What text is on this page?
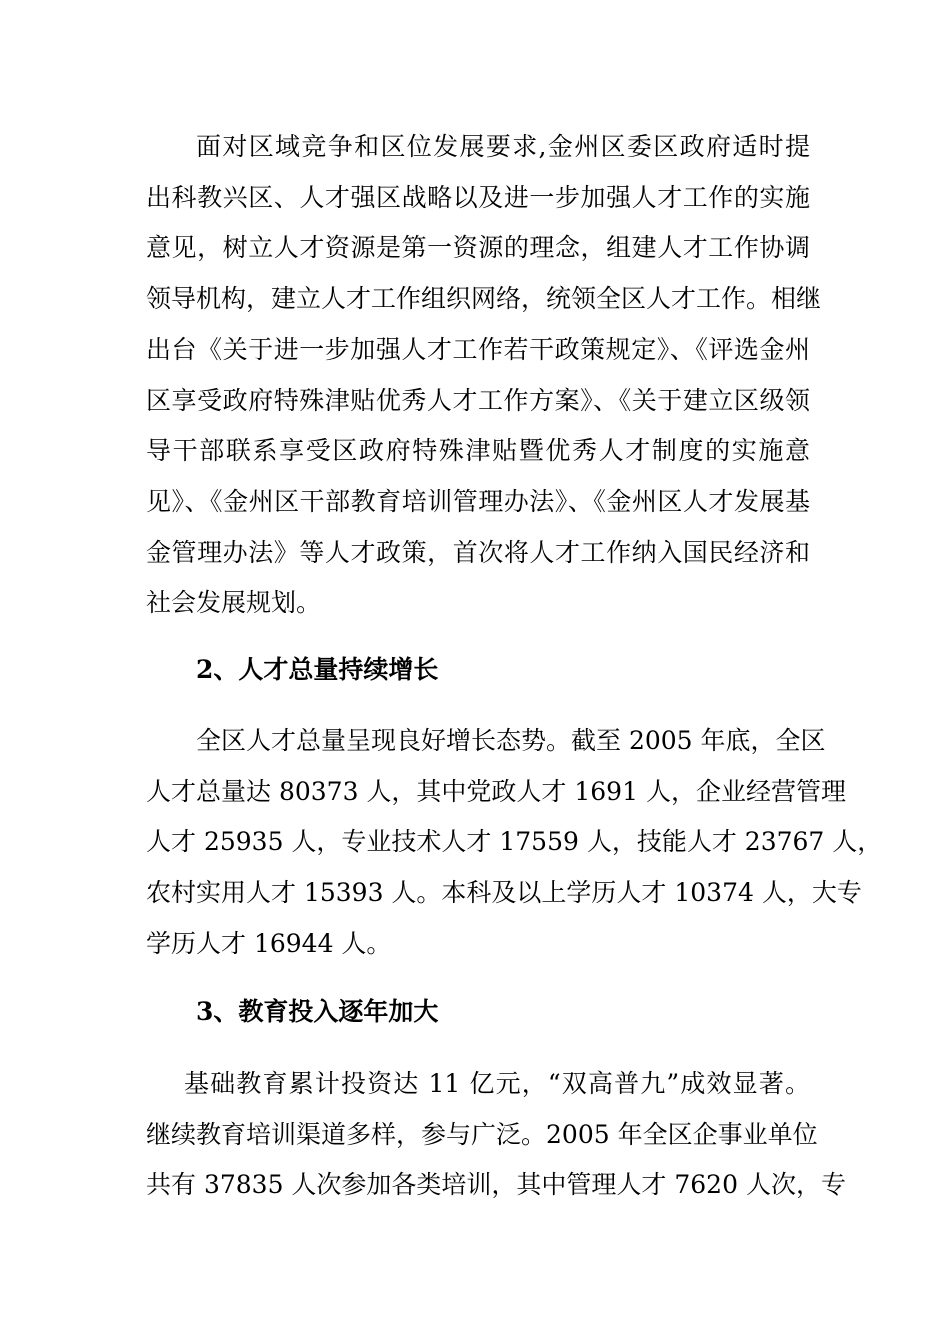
面对区域竞争和区位发展要求,金州区委区政府适时提
出科教兴区、人才强区战略以及进一步加强人才工作的实施
意见，树立人才资源是第一资源的理念，组建人才工作协调
领导机构，建立人才工作组织网络，统领全区人才工作。相继
出台《关于进一步加强人才工作若干政策规定》、《评选金州
区享受政府特殊津贴优秀人才工作方案》、《关于建立区级领
导干部联系享受区政府特殊津贴暨优秀人才制度的实施意
见》、《金州区干部教育培训管理办法》、《金州区人才发展基
金管理办法》等人才政策，首次将人才工作纳入国民经济和
社会发展规划。
2、人才总量持续增长
全区人才总量呈现良好增长态势。截至 2005 年底，全区
人才总量达 80373 人，其中党政人才 1691 人，企业经营管理
人才 25935 人，专业技术人才 17559 人，技能人才 23767 人，
农村实用人才 15393 人。本科及以上学历人才 10374 人，大专
学历人才 16944 人。
3、教育投入逐年加大
基础教育累计投资达 11 亿元，“双高普九”成效显著。
继续教育培训渠道多样，参与广泛。2005 年全区企事业单位
共有 37835 人次参加各类培训，其中管理人才 7620 人次，专
